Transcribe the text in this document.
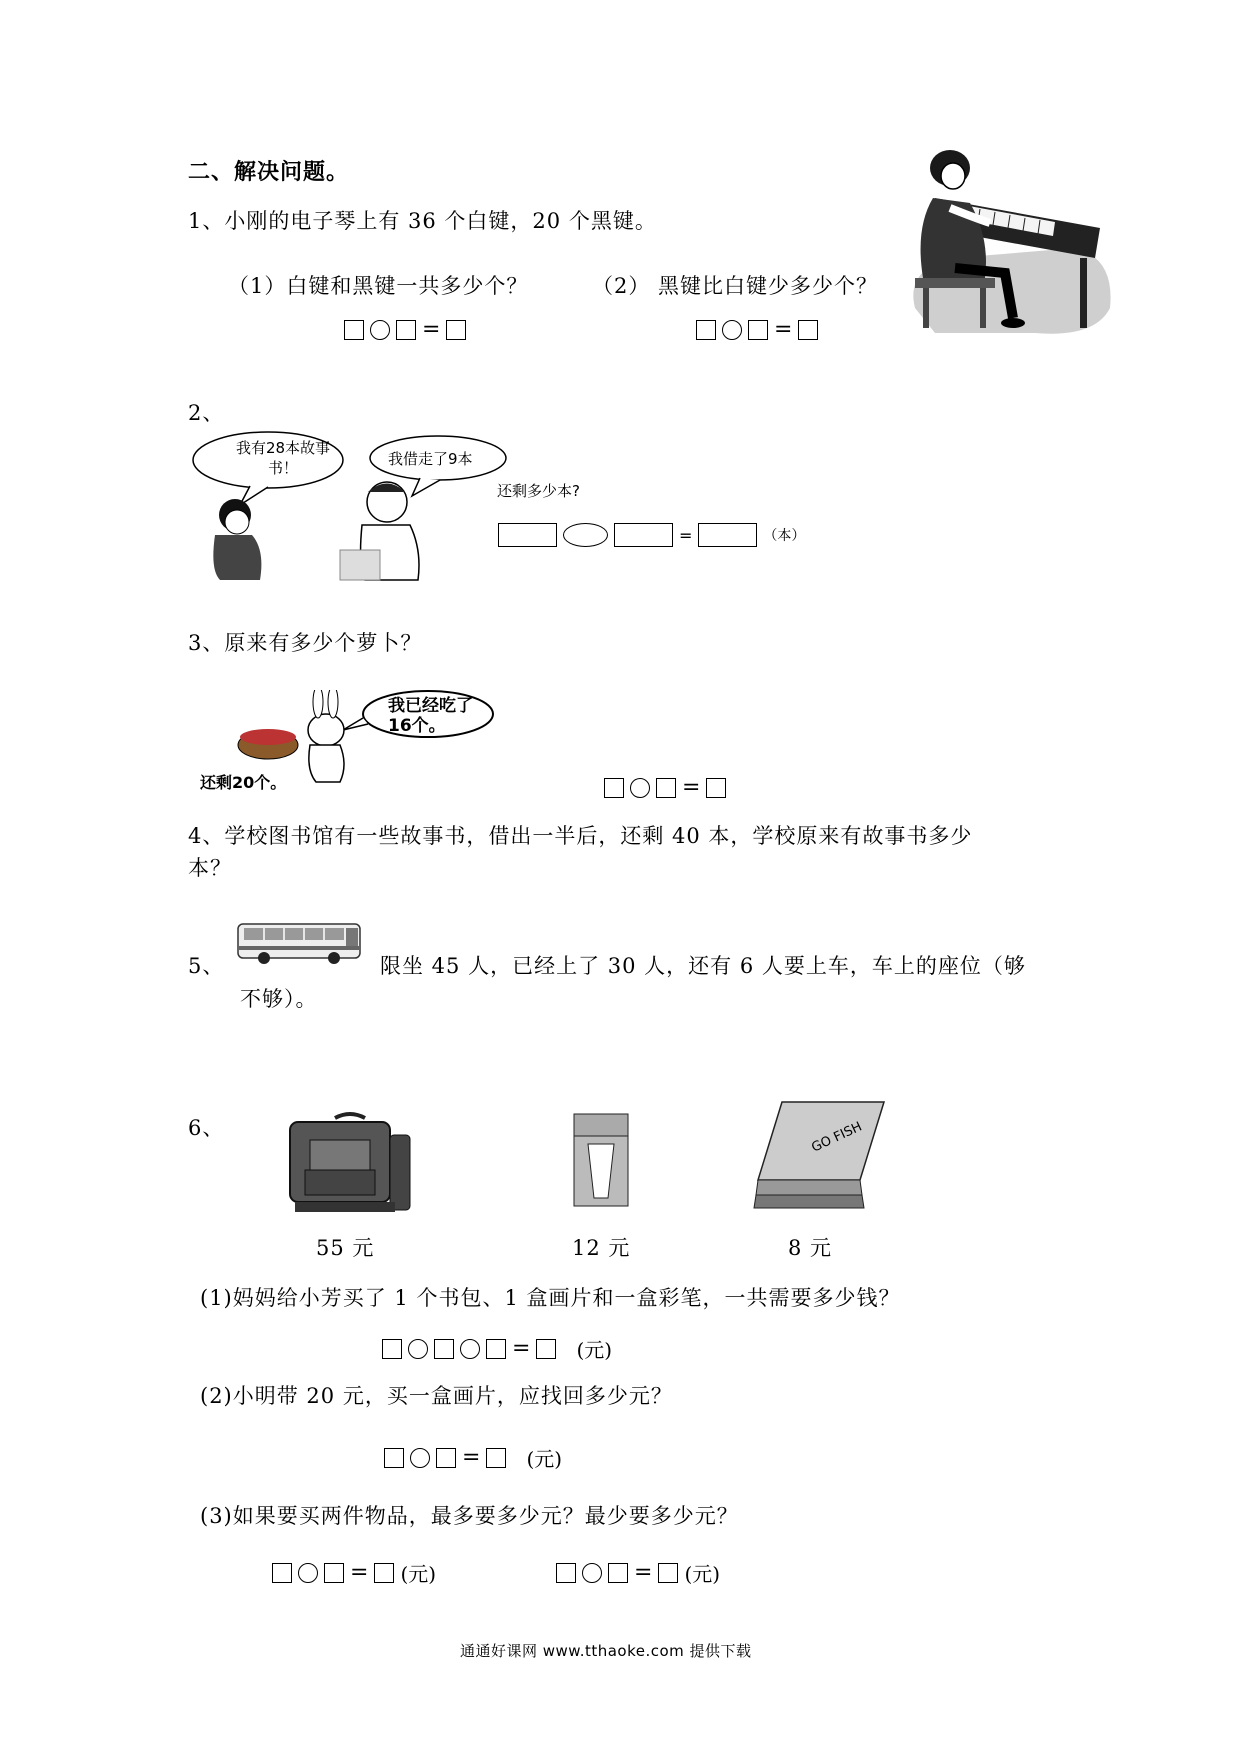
二、解决问题。
1、小刚的电子琴上有 36 个白键，20 个黑键。
（1）白键和黑键一共多少个？	（2） 黑键比白键少多少个？
=	=
2、
我有28本故事书！	我借走了9本
还剩多少本?
=	（本）
3、原来有多少个萝卜？
我已经吃了16个。
还剩20个。	=
4、学校图书馆有一些故事书，借出一半后，还剩 40 本，学校原来有故事书多少
本？
5、	限坐 45 人，已经上了 30 人，还有 6 人要上车，车上的座位（够
不够）。
6、	GO FISH
55 元	12 元	8 元
(1)妈妈给小芳买了 1 个书包、1 盒画片和一盒彩笔，一共需要多少钱？
= (元)
(2)小明带 20 元，买一盒画片，应找回多少元？
= (元)
(3)如果要买两件物品，最多要多少元？最少要多少元？
= (元)	= (元)
通通好课网 www.tthaoke.com 提供下载
